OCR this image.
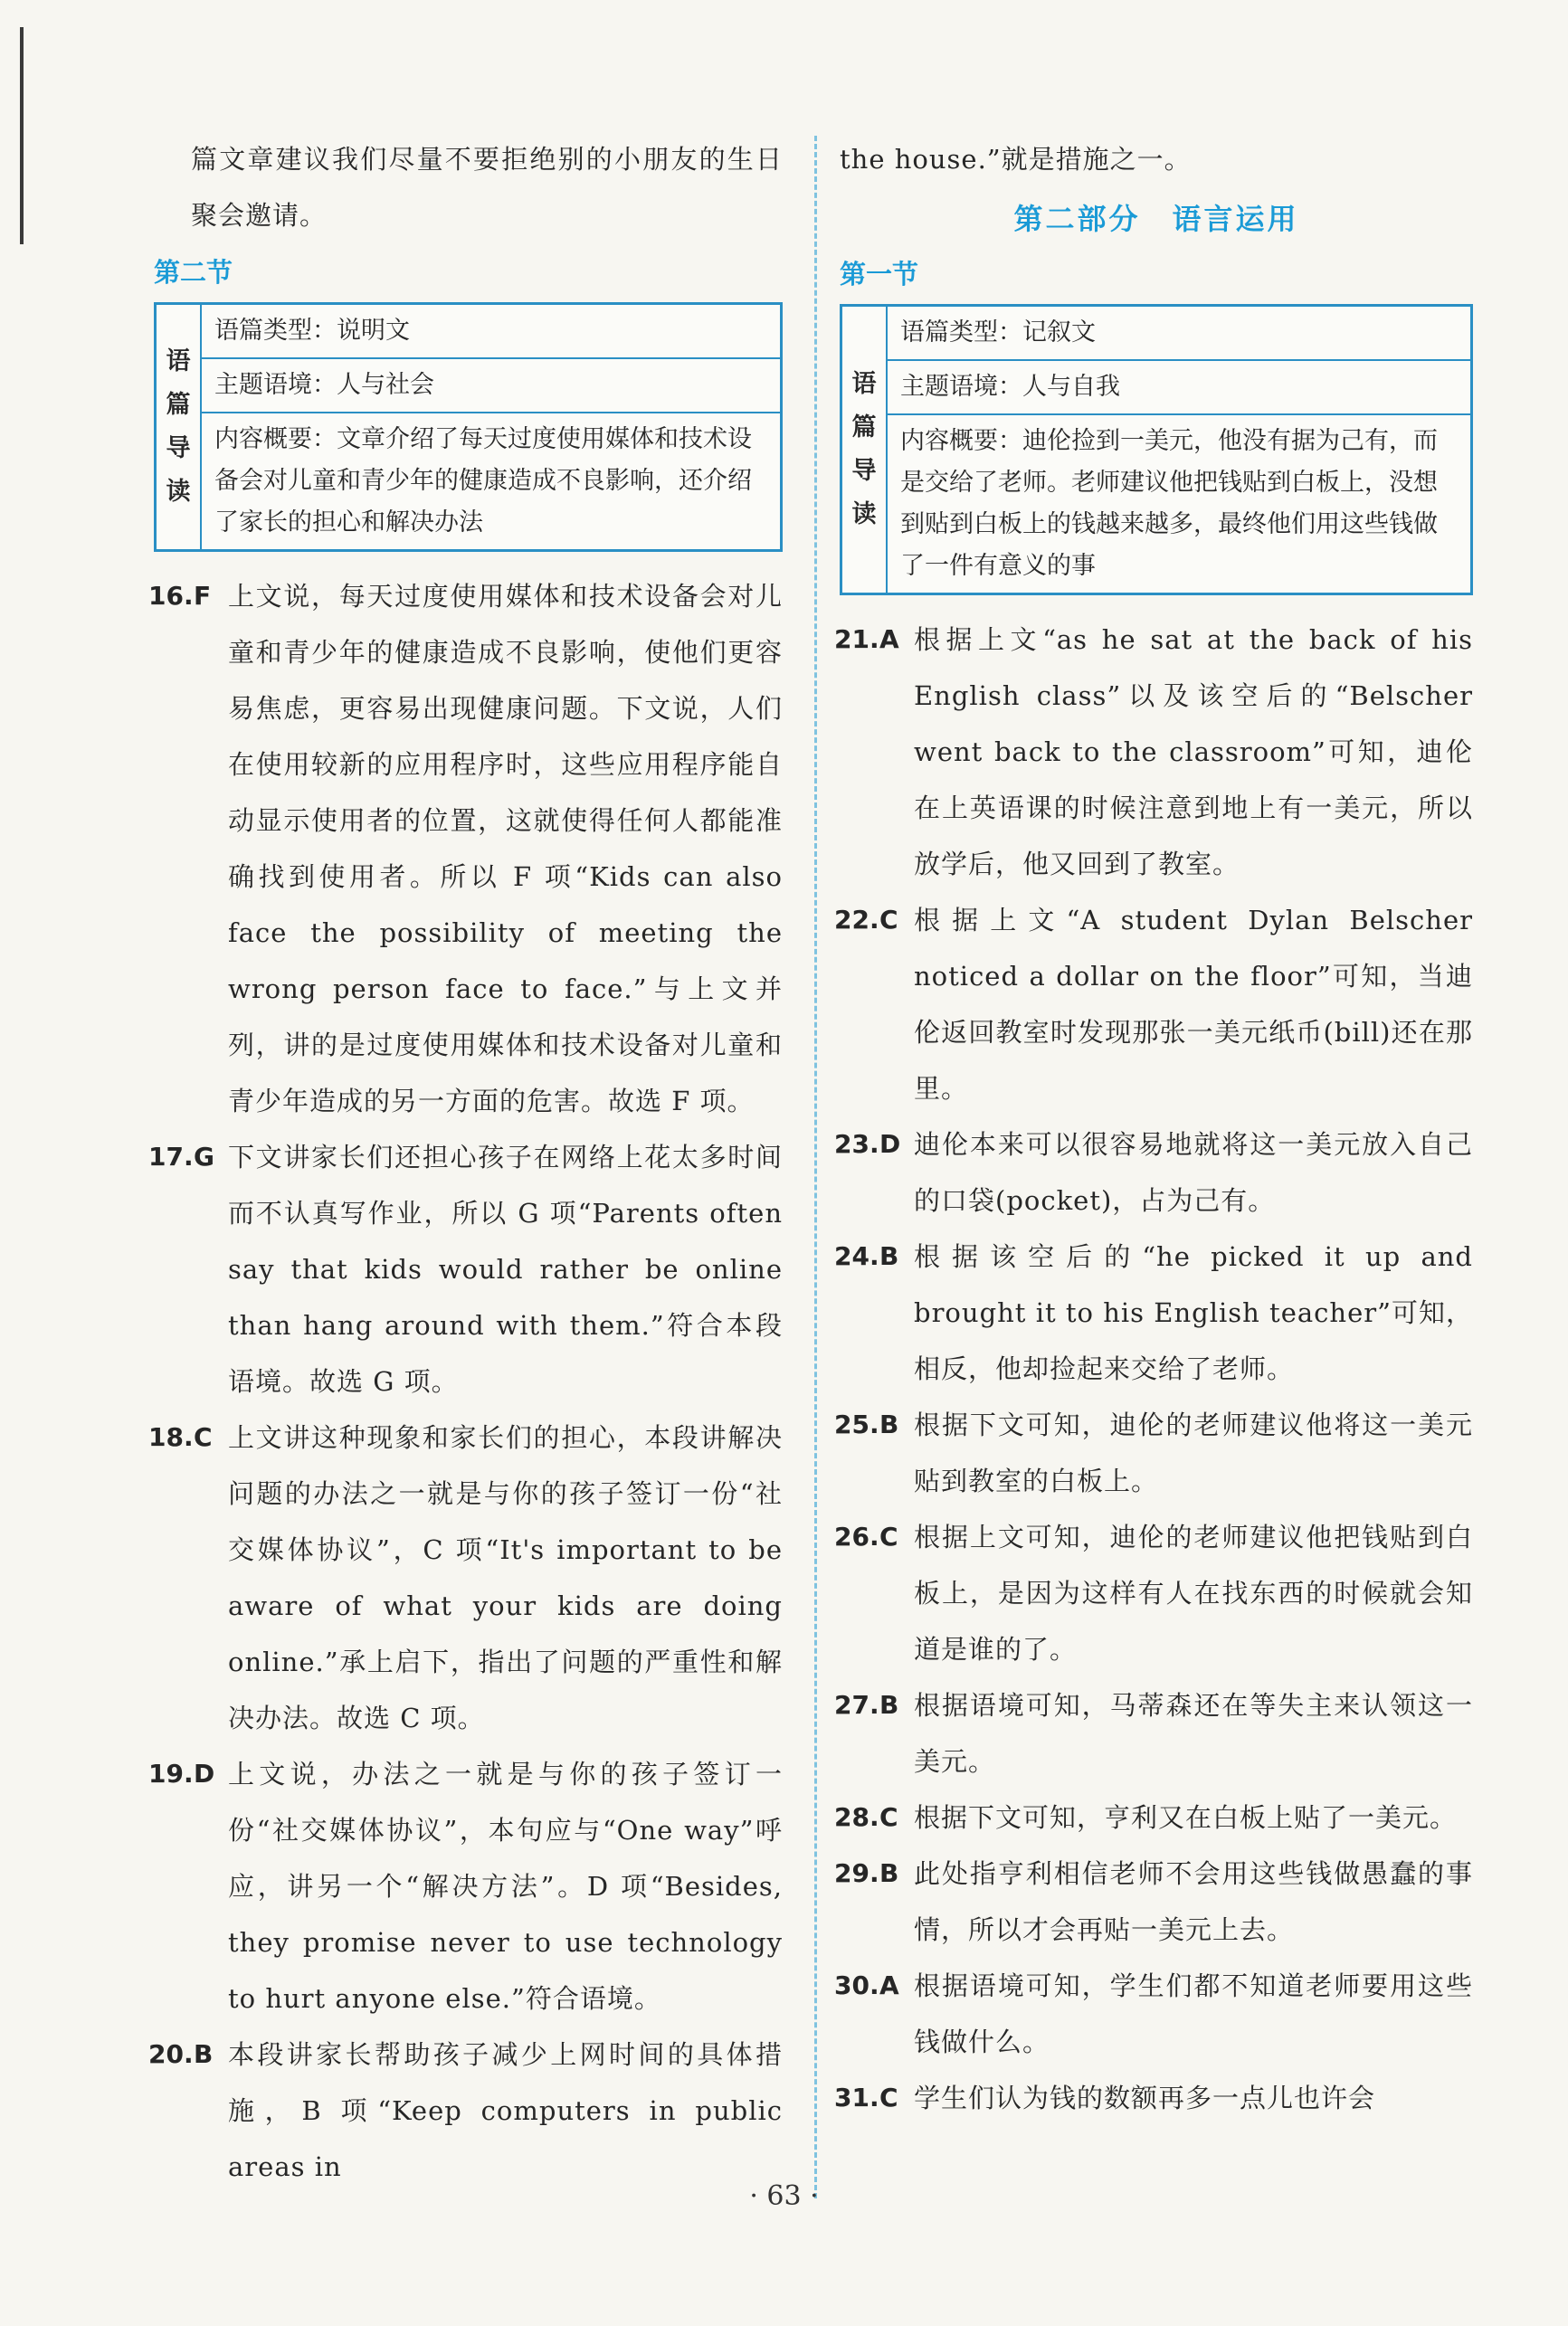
篇文章建议我们尽量不要拒绝别的小朋友的生日聚会邀请。

第二节
语
篇
导
读
语篇类型：说明文
主题语境：人与社会
内容概要：文章介绍了每天过度使用媒体和技术设备会对儿童和青少年的健康造成不良影响，还介绍了家长的担心和解决办法
16. F 上文说，每天过度使用媒体和技术设备会对儿童和青少年的健康造成不良影响，使他们更容易焦虑，更容易出现健康问题。下文说，人们在使用较新的应用程序时，这些应用程序能自动显示使用者的位置，这就使得任何人都能准确找到使用者。所以 F 项“Kids can also face the possibility of meeting the wrong person face to face.”与上文并列，讲的是过度使用媒体和技术设备对儿童和青少年造成的另一方面的危害。故选 F 项。
17. G 下文讲家长们还担心孩子在网络上花太多时间而不认真写作业，所以 G 项“Parents often say that kids would rather be online than hang around with them.”符合本段语境。故选 G 项。
18. C 上文讲这种现象和家长们的担心，本段讲解决问题的办法之一就是与你的孩子签订一份“社交媒体协议”，C 项“It's important to be aware of what your kids are doing online.”承上启下，指出了问题的严重性和解决办法。故选 C 项。
19. D 上文说，办法之一就是与你的孩子签订一份“社交媒体协议”，本句应与“One way”呼应，讲另一个“解决方法”。D 项“Besides, they promise never to use technology to hurt anyone else.”符合语境。
20. B 本段讲家长帮助孩子减少上网时间的具体措施，B 项“Keep computers in public areas in

the house.”就是措施之一。

第二部分　语言运用
第一节
语
篇
导
读
语篇类型：记叙文
主题语境：人与自我
内容概要：迪伦捡到一美元，他没有据为己有，而是交给了老师。老师建议他把钱贴到白板上，没想到贴到白板上的钱越来越多，最终他们用这些钱做了一件有意义的事
21. A 根据上文“as he sat at the back of his English class”以及该空后的“Belscher went back to the classroom”可知，迪伦在上英语课的时候注意到地上有一美元，所以放学后，他又回到了教室。
22. C 根据上文“A student Dylan Belscher noticed a dollar on the floor”可知，当迪伦返回教室时发现那张一美元纸币(bill)还在那里。
23. D 迪伦本来可以很容易地就将这一美元放入自己的口袋(pocket)，占为己有。
24. B 根据该空后的“he picked it up and brought it to his English teacher”可知，相反，他却捡起来交给了老师。
25. B 根据下文可知，迪伦的老师建议他将这一美元贴到教室的白板上。
26. C 根据上文可知，迪伦的老师建议他把钱贴到白板上，是因为这样有人在找东西的时候就会知道是谁的了。
27. B 根据语境可知，马蒂森还在等失主来认领这一美元。
28. C 根据下文可知，亨利又在白板上贴了一美元。
29. B 此处指亨利相信老师不会用这些钱做愚蠢的事情，所以才会再贴一美元上去。
30. A 根据语境可知，学生们都不知道老师要用这些钱做什么。
31. C 学生们认为钱的数额再多一点儿也许会
· 63 ·
